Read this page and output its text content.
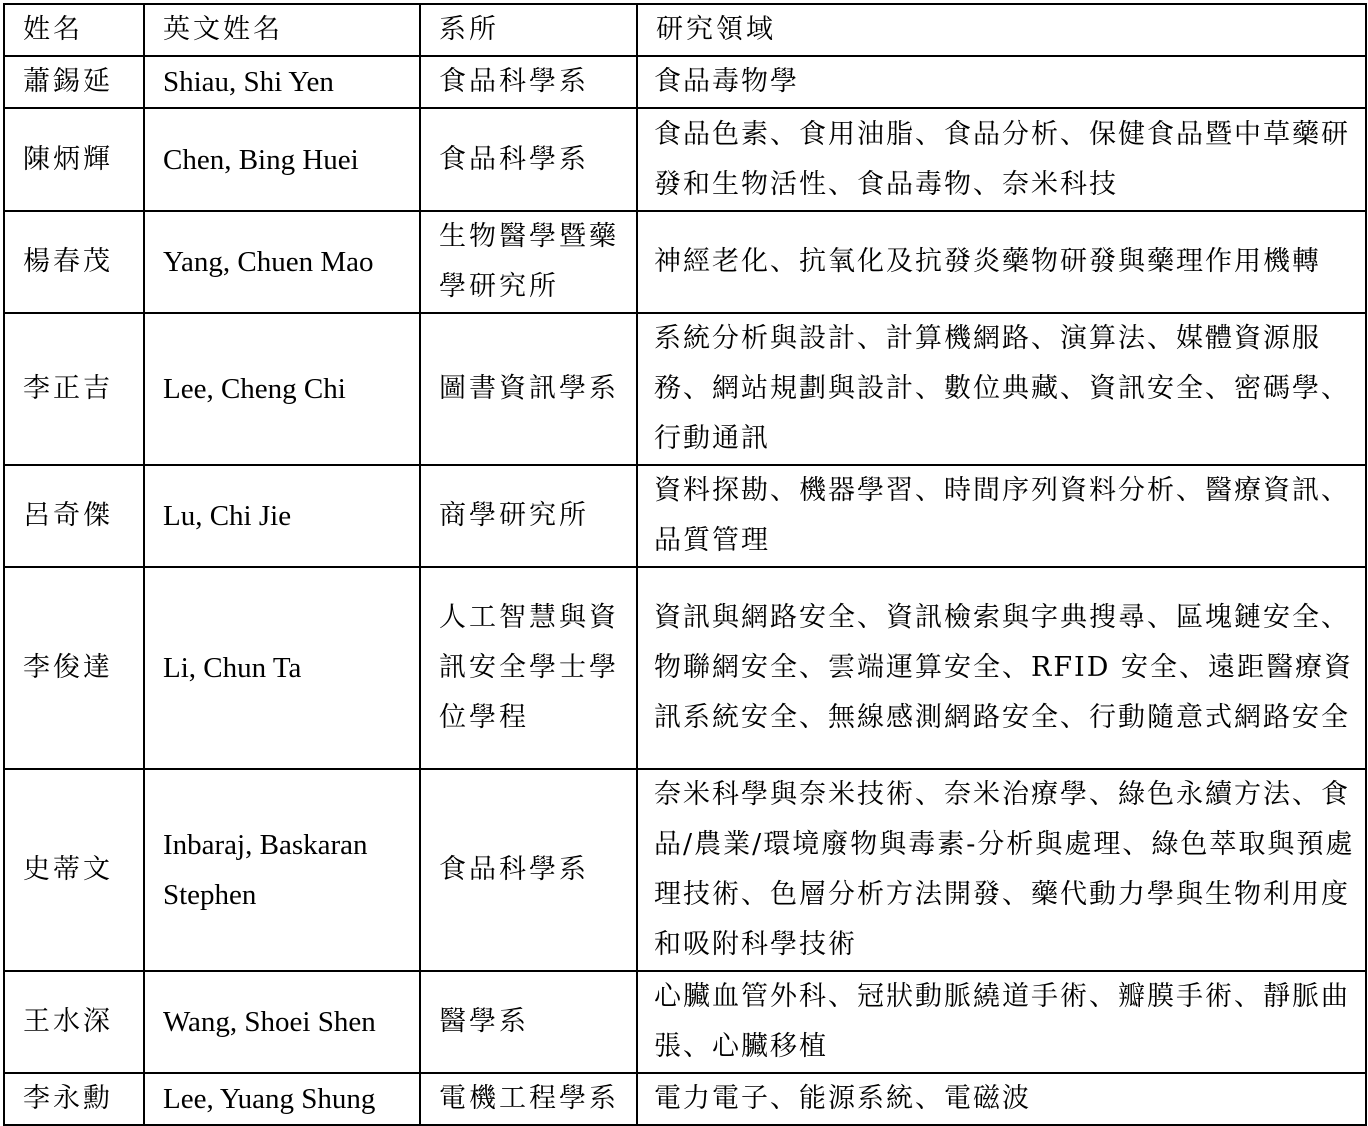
姓名	英文姓名	系所	研究領域
蕭錫延	Shiau, Shi Yen	食品科學系	食品毒物學
陳炳輝	Chen, Bing Huei	食品科學系	食品色素、食用油脂、食品分析、保健食品暨中草藥研發和生物活性、食品毒物、奈米科技
楊春茂	Yang, Chuen Mao	生物醫學暨藥學研究所	神經老化、抗氧化及抗發炎藥物研發與藥理作用機轉
李正吉	Lee, Cheng Chi	圖書資訊學系	系統分析與設計、計算機網路、演算法、媒體資源服務、網站規劃與設計、數位典藏、資訊安全、密碼學、行動通訊
呂奇傑	Lu, Chi Jie	商學研究所	資料探勘、機器學習、時間序列資料分析、醫療資訊、品質管理
李俊達	Li, Chun Ta	人工智慧與資訊安全學士學位學程	資訊與網路安全、資訊檢索與字典搜尋、區塊鏈安全、物聯網安全、雲端運算安全、RFID 安全、遠距醫療資訊系統安全、無線感測網路安全、行動隨意式網路安全
史蒂文	Inbaraj, Baskaran Stephen	食品科學系	奈米科學與奈米技術、奈米治療學、綠色永續方法、食品/農業/環境廢物與毒素-分析與處理、綠色萃取與預處理技術、色層分析方法開發、藥代動力學與生物利用度和吸附科學技術
王水深	Wang, Shoei Shen	醫學系	心臟血管外科、冠狀動脈繞道手術、瓣膜手術、靜脈曲張、心臟移植
李永勳	Lee, Yuang Shung	電機工程學系	電力電子、能源系統、電磁波
